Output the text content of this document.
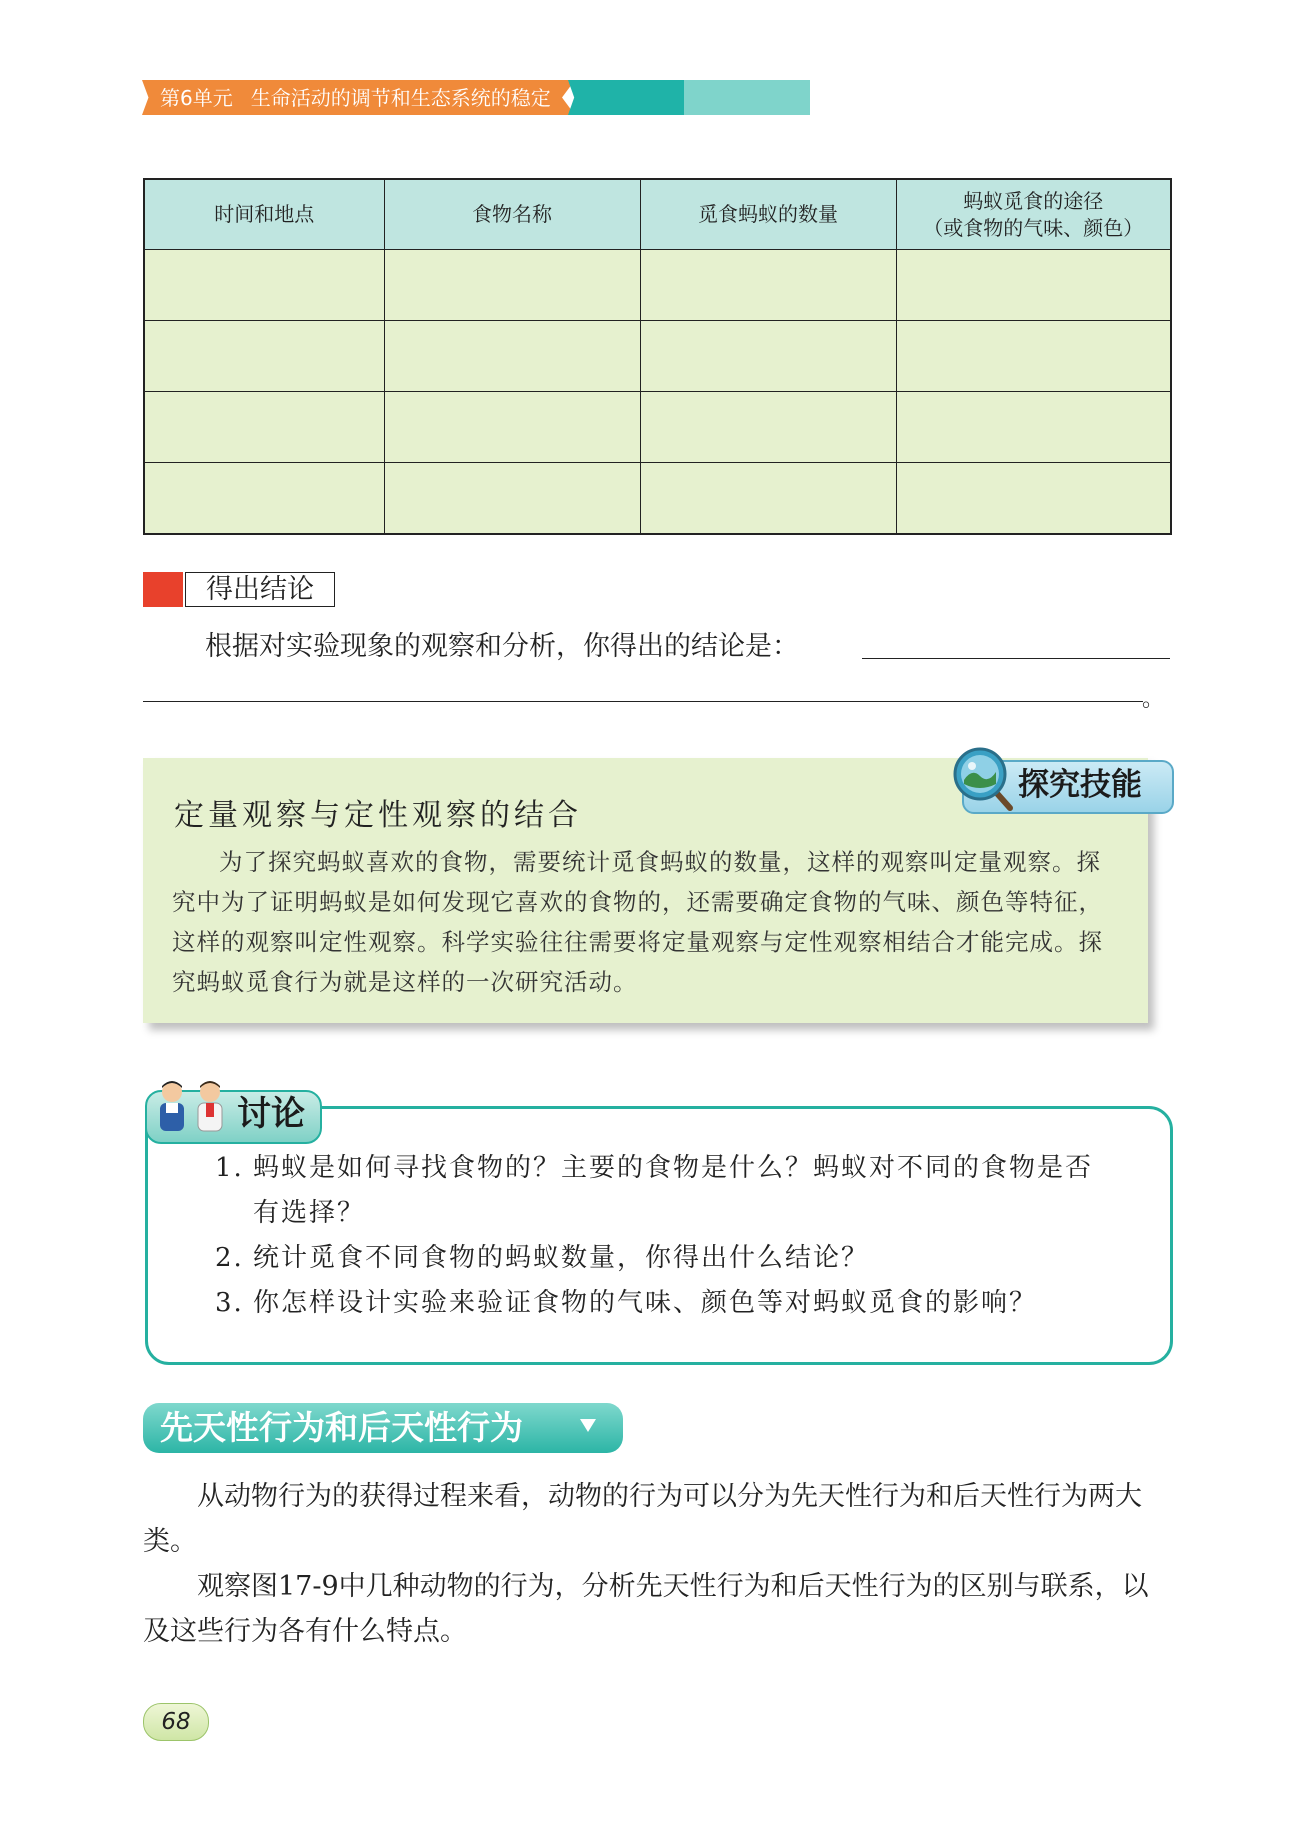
第6单元 生命活动的调节和生态系统的稳定
时间和地点	食物名称	觅食蚂蚁的数量	蚂蚁觅食的途径
（或食物的气味、颜色）

得出结论
根据对实验现象的观察和分析，你得出的结论是：
。
探究技能
定量观察与定性观察的结合
为了探究蚂蚁喜欢的食物，需要统计觅食蚂蚁的数量，这样的观察叫定量观察。探究中为了证明蚂蚁是如何发现它喜欢的食物的，还需要确定食物的气味、颜色等特征，这样的观察叫定性观察。科学实验往往需要将定量观察与定性观察相结合才能完成。探究蚂蚁觅食行为就是这样的一次研究活动。
讨论
1. 蚂蚁是如何寻找食物的？主要的食物是什么？蚂蚁对不同的食物是否有选择？
2. 统计觅食不同食物的蚂蚁数量，你得出什么结论？
3. 你怎样设计实验来验证食物的气味、颜色等对蚂蚁觅食的影响？
先天性行为和后天性行为
从动物行为的获得过程来看，动物的行为可以分为先天性行为和后天性行为两大类。
观察图17-9中几种动物的行为，分析先天性行为和后天性行为的区别与联系，以及这些行为各有什么特点。
68
